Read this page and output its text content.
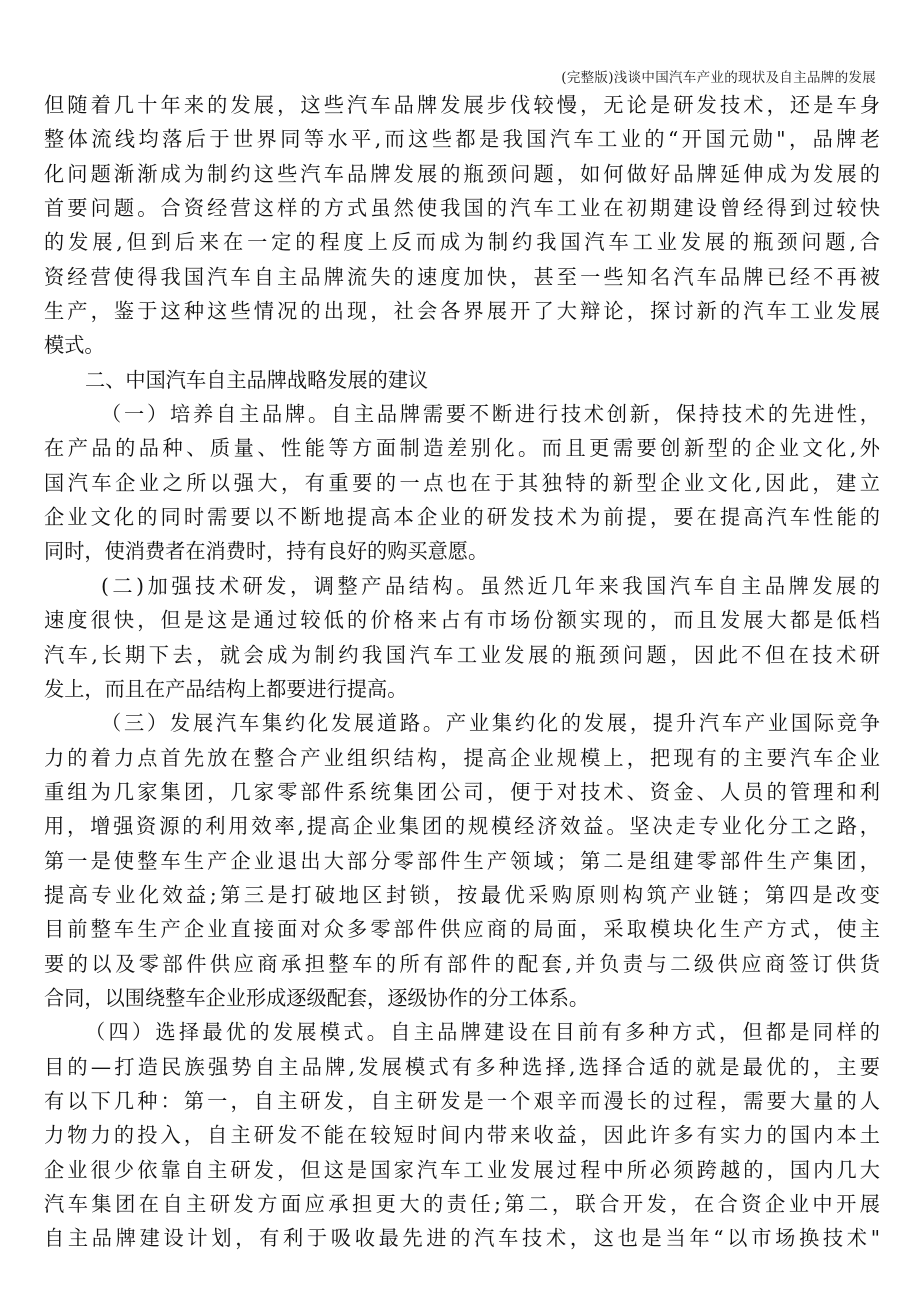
(完整版)浅谈中国汽车产业的现状及自主品牌的发展
但随着几十年来的发展，这些汽车品牌发展步伐较慢，无论是研发技术，还是车身
整体流线均落后于世界同等水平,而这些都是我国汽车工业的“开国元勋"，品牌老
化问题渐渐成为制约这些汽车品牌发展的瓶颈问题，如何做好品牌延伸成为发展的
首要问题。合资经营这样的方式虽然使我国的汽车工业在初期建设曾经得到过较快
的发展,但到后来在一定的程度上反而成为制约我国汽车工业发展的瓶颈问题,合
资经营使得我国汽车自主品牌流失的速度加快，甚至一些知名汽车品牌已经不再被
生产，鉴于这种这些情况的出现，社会各界展开了大辩论，探讨新的汽车工业发展
模式。
二、中国汽车自主品牌战略发展的建议
（一）培养自主品牌。自主品牌需要不断进行技术创新，保持技术的先进性，
在产品的品种、质量、性能等方面制造差别化。而且更需要创新型的企业文化,外
国汽车企业之所以强大，有重要的一点也在于其独特的新型企业文化,因此，建立
企业文化的同时需要以不断地提高本企业的研发技术为前提，要在提高汽车性能的
同时，使消费者在消费时，持有良好的购买意愿。
(二)加强技术研发，调整产品结构。虽然近几年来我国汽车自主品牌发展的
速度很快，但是这是通过较低的价格来占有市场份额实现的，而且发展大都是低档
汽车,长期下去，就会成为制约我国汽车工业发展的瓶颈问题，因此不但在技术研
发上，而且在产品结构上都要进行提高。
（三）发展汽车集约化发展道路。产业集约化的发展，提升汽车产业国际竞争
力的着力点首先放在整合产业组织结构，提高企业规模上，把现有的主要汽车企业
重组为几家集团，几家零部件系统集团公司，便于对技术、资金、人员的管理和利
用，增强资源的利用效率,提高企业集团的规模经济效益。坚决走专业化分工之路，
第一是使整车生产企业退出大部分零部件生产领域；第二是组建零部件生产集团，
提高专业化效益;第三是打破地区封锁，按最优采购原则构筑产业链；第四是改变
目前整车生产企业直接面对众多零部件供应商的局面，采取模块化生产方式，使主
要的以及零部件供应商承担整车的所有部件的配套,并负责与二级供应商签订供货
合同，以围绕整车企业形成逐级配套，逐级协作的分工体系。
（四）选择最优的发展模式。自主品牌建设在目前有多种方式，但都是同样的
目的—打造民族强势自主品牌,发展模式有多种选择,选择合适的就是最优的，主要
有以下几种：第一，自主研发，自主研发是一个艰辛而漫长的过程，需要大量的人
力物力的投入，自主研发不能在较短时间内带来收益，因此许多有实力的国内本土
企业很少依靠自主研发，但这是国家汽车工业发展过程中所必须跨越的，国内几大
汽车集团在自主研发方面应承担更大的责任;第二，联合开发，在合资企业中开展
自主品牌建设计划，有利于吸收最先进的汽车技术，这也是当年“以市场换技术"
